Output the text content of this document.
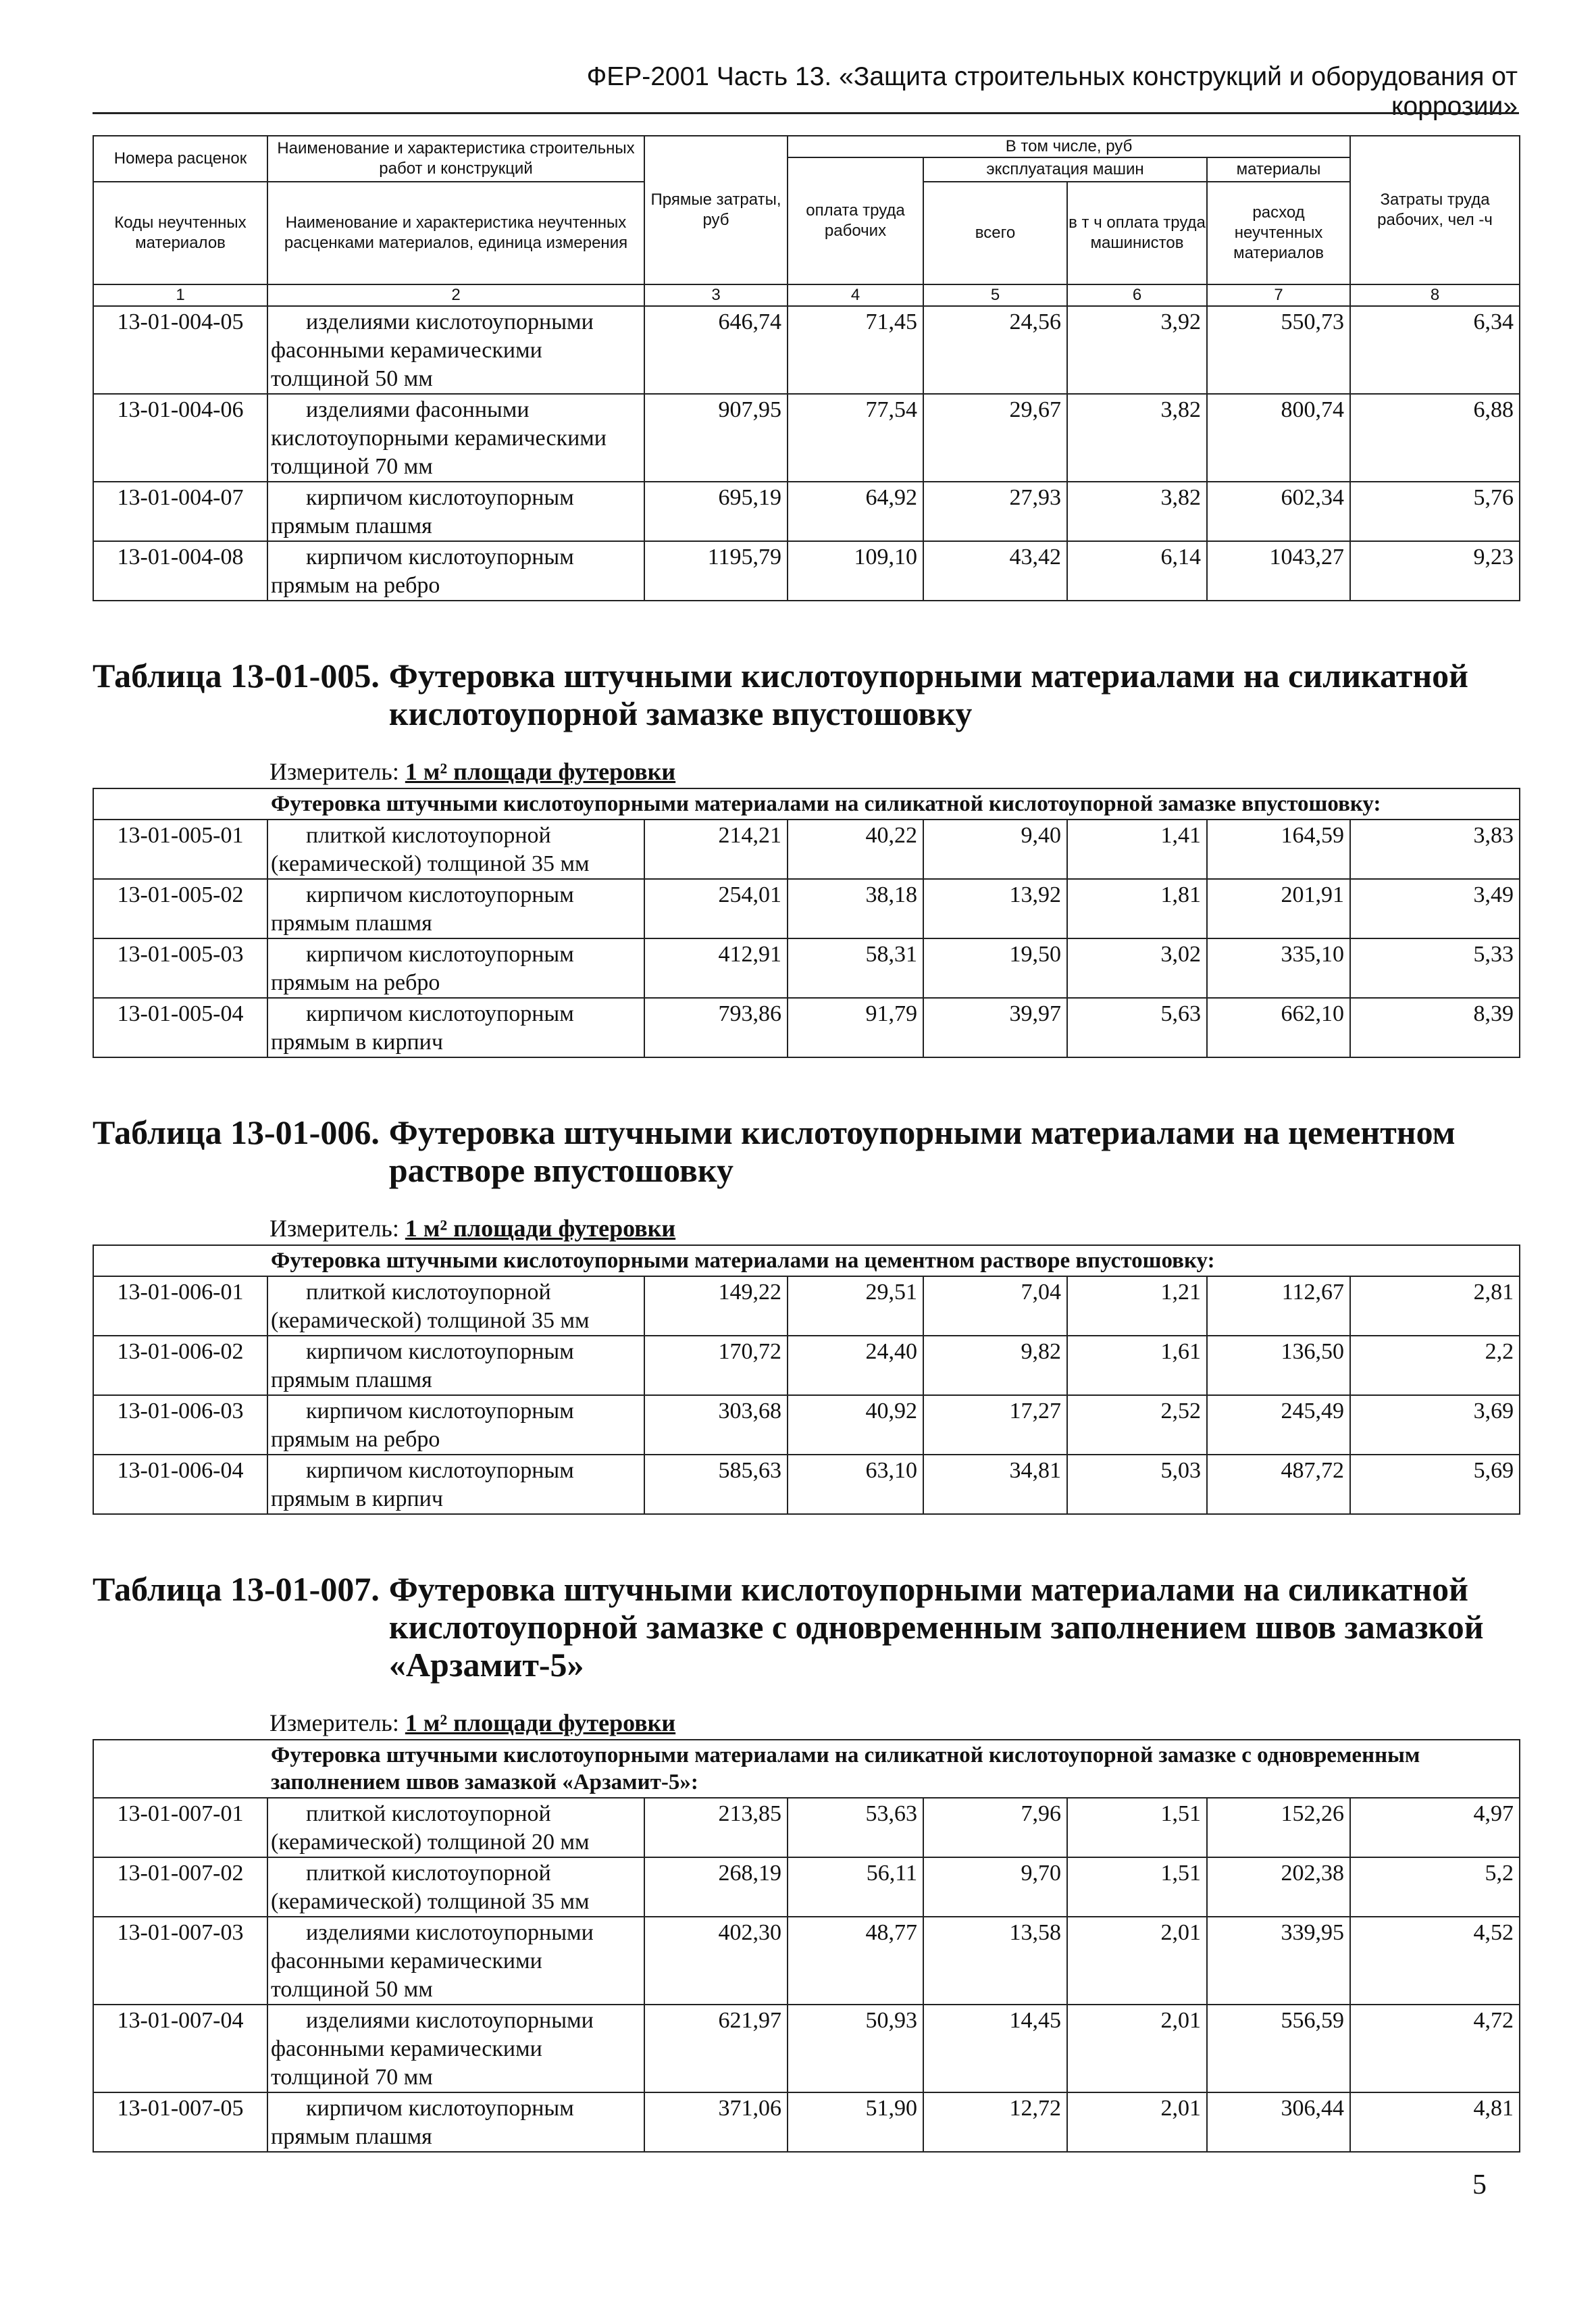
ФЕР-2001 Часть 13. «Защита строительных конструкций и оборудования от коррозии»
Номера расценок	Наименование и характеристика строительных работ и конструкций	Прямые затраты, руб	В том числе, руб				Затраты труда рабочих, чел -ч
			оплата труда рабочих	эксплуатация машин		материалы	
Коды неучтенных материалов	Наименование и характеристика неучтенных расценками материалов, единица измерения			всего	в т ч оплата труда машинистов	расход неучтенных материалов	

1	2	3	4	5	6	7	8
13-01-004-05	изделиями кислотоупорными
фасонными керамическими
толщиной 50 мм	646,74	71,45	24,56	3,92	550,73	6,34
13-01-004-06	изделиями фасонными
кислотоупорными керамическими
толщиной 70 мм	907,95	77,54	29,67	3,82	800,74	6,88
13-01-004-07	кирпичом кислотоупорным
прямым плашмя	695,19	64,92	27,93	3,82	602,34	5,76
13-01-004-08	кирпичом кислотоупорным
прямым на ребро	1195,79	109,10	43,42	6,14	1043,27	9,23
Таблица 13-01-005. Футеровка штучными кислотоупорными материалами на силикатной кислотоупорной замазке впустошовку
Измеритель: 1 м² площади футеровки
Футеровка штучными кислотоупорными материалами на силикатной кислотоупорной замазке впустошовку:							
13-01-005-01	плиткой кислотоупорной
(керамической) толщиной 35 мм	214,21	40,22	9,40	1,41	164,59	3,83
13-01-005-02	кирпичом кислотоупорным
прямым плашмя	254,01	38,18	13,92	1,81	201,91	3,49
13-01-005-03	кирпичом кислотоупорным
прямым на ребро	412,91	58,31	19,50	3,02	335,10	5,33
13-01-005-04	кирпичом кислотоупорным
прямым в кирпич	793,86	91,79	39,97	5,63	662,10	8,39
Таблица 13-01-006. Футеровка штучными кислотоупорными материалами на цементном растворе впустошовку
Измеритель: 1 м² площади футеровки
Футеровка штучными кислотоупорными материалами на цементном растворе впустошовку:							
13-01-006-01	плиткой кислотоупорной
(керамической) толщиной 35 мм	149,22	29,51	7,04	1,21	112,67	2,81
13-01-006-02	кирпичом кислотоупорным
прямым плашмя	170,72	24,40	9,82	1,61	136,50	2,2
13-01-006-03	кирпичом кислотоупорным
прямым на ребро	303,68	40,92	17,27	2,52	245,49	3,69
13-01-006-04	кирпичом кислотоупорным
прямым в кирпич	585,63	63,10	34,81	5,03	487,72	5,69
Таблица 13-01-007. Футеровка штучными кислотоупорными материалами на силикатной кислотоупорной замазке с одновременным заполнением швов замазкой «Арзамит-5»
Измеритель: 1 м² площади футеровки
Футеровка штучными кислотоупорными материалами на силикатной кислотоупорной замазке с одновременным заполнением швов замазкой «Арзамит-5»:							
13-01-007-01	плиткой кислотоупорной
(керамической) толщиной 20 мм	213,85	53,63	7,96	1,51	152,26	4,97
13-01-007-02	плиткой кислотоупорной
(керамической) толщиной 35 мм	268,19	56,11	9,70	1,51	202,38	5,2
13-01-007-03	изделиями кислотоупорными
фасонными керамическими
толщиной 50 мм	402,30	48,77	13,58	2,01	339,95	4,52
13-01-007-04	изделиями кислотоупорными
фасонными керамическими
толщиной 70 мм	621,97	50,93	14,45	2,01	556,59	4,72
13-01-007-05	кирпичом кислотоупорным
прямым плашмя	371,06	51,90	12,72	2,01	306,44	4,81
5
